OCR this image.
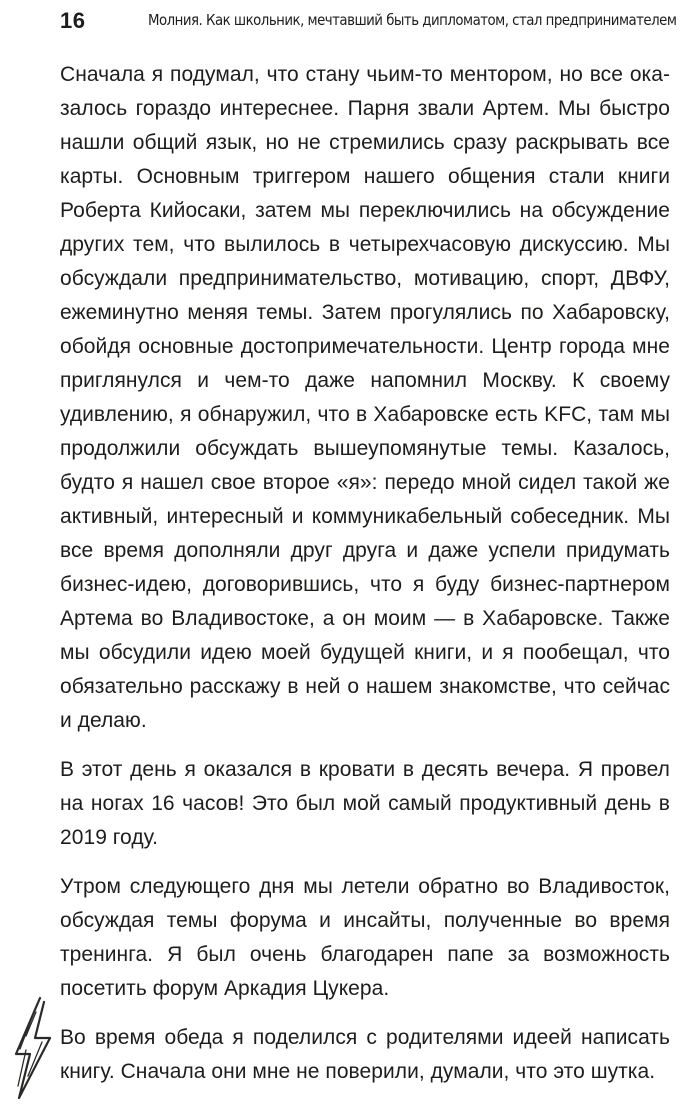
16	Молния. Как школьник, мечтавший быть дипломатом, стал предпринимателем

Сначала я подумал, что стану чьим-то ментором, но все оказалось гораздо интереснее. Парня звали Артем. Мы быстро нашли общий язык, но не стремились сразу раскрывать все карты. Основным триггером нашего общения стали книги Роберта Кийосаки, затем мы переключились на обсуждение других тем, что вылилось в четырехчасовую дискуссию. Мы обсуждали предпринимательство, мотивацию, спорт, ДВФУ, ежеминутно меняя темы. Затем прогулялись по Хабаровску, обойдя основные достопримечательности. Центр города мне приглянулся и чем-то даже напомнил Москву. К своему удивлению, я обнаружил, что в Хабаровске есть KFC, там мы продолжили обсуждать вышеупомянутые темы. Казалось, будто я нашел свое второе «я»: передо мной сидел такой же активный, интересный и коммуникабельный собеседник. Мы все время дополняли друг друга и даже успели придумать бизнес-идею, договорившись, что я буду бизнес-партнером Артема во Владивостоке, а он моим — в Хабаровске. Также мы обсудили идею моей будущей книги, и я пообещал, что обязательно расскажу в ней о нашем знакомстве, что сейчас и делаю.

В этот день я оказался в кровати в десять вечера. Я провел на ногах 16 часов! Это был мой самый продуктивный день в 2019 году.

Утром следующего дня мы летели обратно во Владивосток, обсуждая темы форума и инсайты, полученные во время тренинга. Я был очень благодарен папе за возможность посетить форум Аркадия Цукера.

Во время обеда я поделился с родителями идеей написать книгу. Сначала они мне не поверили, думали, что это шутка.
